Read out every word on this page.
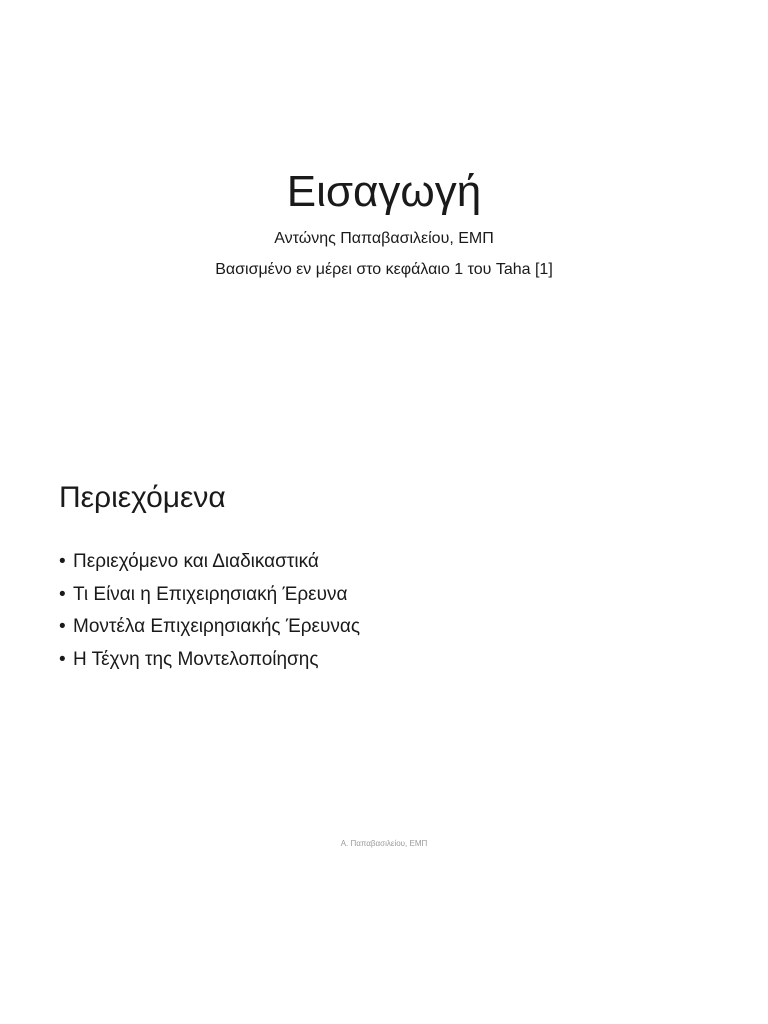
Εισαγωγή

Αντώνης Παπαβασιλείου, ΕΜΠ

Βασισμένο εν μέρει στο κεφάλαιο 1 του Taha [1]

Περιεχόμενα
• Περιεχόμενο και Διαδικαστικά
• Τι Είναι η Επιχειρησιακή Έρευνα
• Μοντέλα Επιχειρησιακής Έρευνας
• Η Τέχνη της Μοντελοποίησης
Α. Παπαβασιλείου, ΕΜΠ
